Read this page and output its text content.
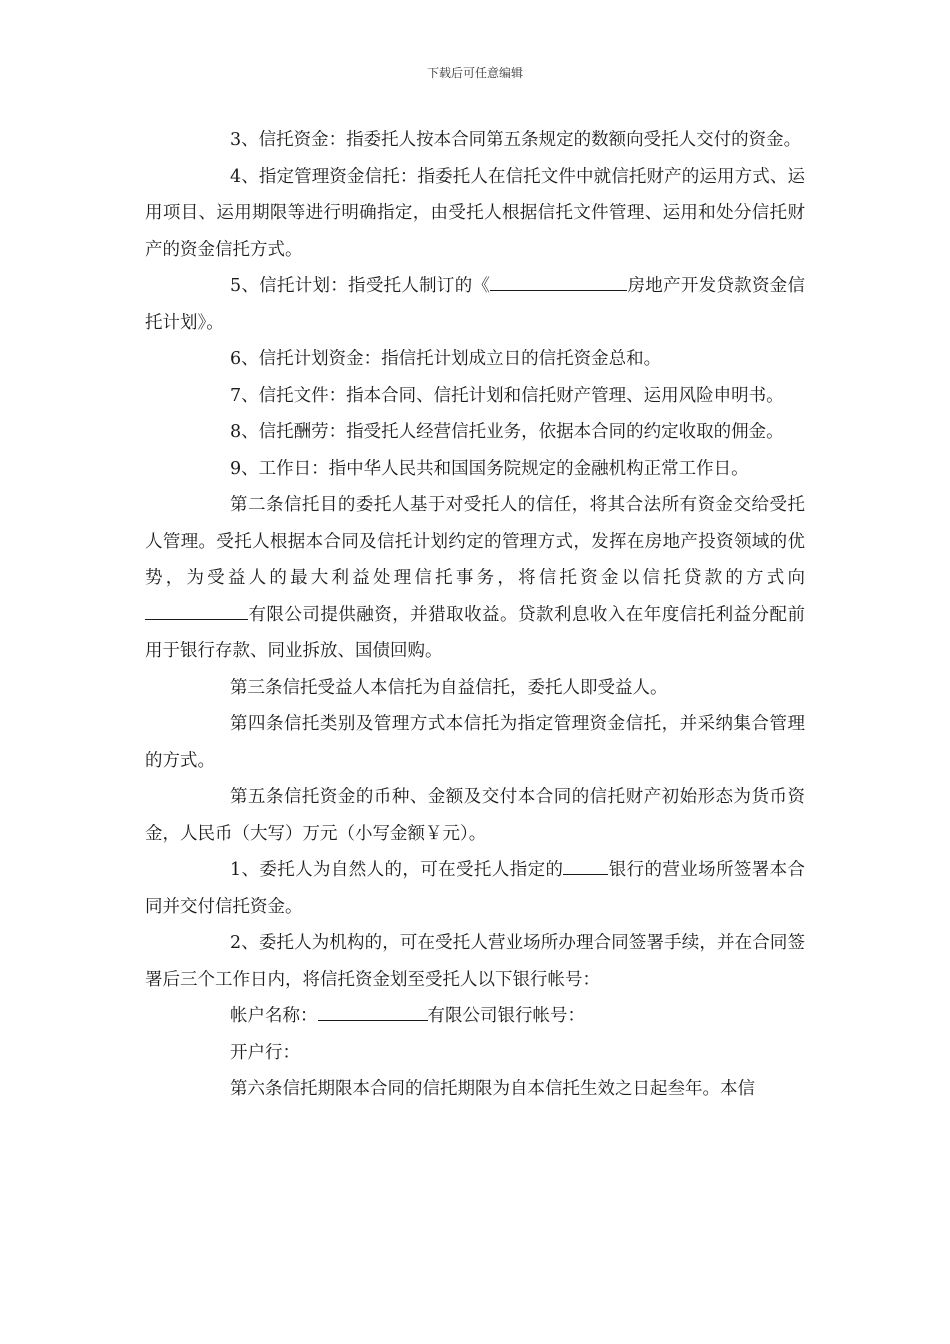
下载后可任意编辑

3、信托资金：指委托人按本合同第五条规定的数额向受托人交付的资金。

4、指定管理资金信托：指委托人在信托文件中就信托财产的运用方式、运用项目、运用期限等进行明确指定，由受托人根据信托文件管理、运用和处分信托财产的资金信托方式。

5、信托计划：指受托人制订的《	房地产开发贷款资金信托计划》。

6、信托计划资金：指信托计划成立日的信托资金总和。

7、信托文件：指本合同、信托计划和信托财产管理、运用风险申明书。

8、信托酬劳：指受托人经营信托业务，依据本合同的约定收取的佣金。

9、工作日：指中华人民共和国国务院规定的金融机构正常工作日。

第二条信托目的委托人基于对受托人的信任，将其合法所有资金交给受托人管理。受托人根据本合同及信托计划约定的管理方式，发挥在房地产投资领域的优势，为受益人的最大利益处理信托事务，将信托资金以信托贷款的方式向有限公司提供融资，并猎取收益。贷款利息收入在年度信托利益分配前用于银行存款、同业拆放、国债回购。

第三条信托受益人本信托为自益信托，委托人即受益人。

第四条信托类别及管理方式本信托为指定管理资金信托，并采纳集合管理的方式。

第五条信托资金的币种、金额及交付本合同的信托财产初始形态为货币资金，人民币（大写）万元（小写金额￥元）。

1、委托人为自然人的，可在受托人指定的	银行的营业场所签署本合同并交付信托资金。

2、委托人为机构的，可在受托人营业场所办理合同签署手续，并在合同签署后三个工作日内，将信托资金划至受托人以下银行帐号：

帐户名称：	有限公司银行帐号：

开户行：

第六条信托期限本合同的信托期限为自本信托生效之日起叁年。本信
